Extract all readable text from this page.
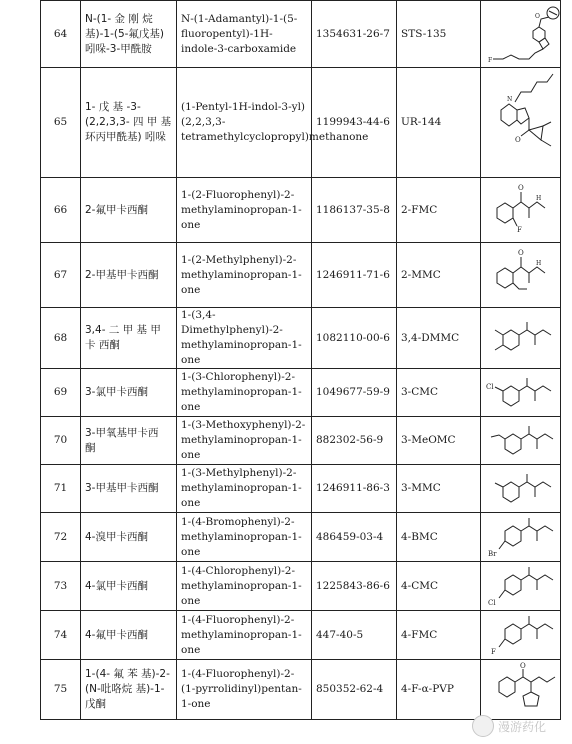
64	N-(1- 金 刚 烷 基)-1-(5-氟戊基) 吲哚-3-甲酰胺	N-(1-Adamantyl)-1-(5-fluoropentyl)-1H-indole-3-carboxamide	1354631-26-7	STS-135	F
O

65	1- 戊 基 -3-(2,2,3,3- 四 甲 基环丙甲酰基) 吲哚	(1-Pentyl-1H-indol-3-yl)(2,2,3,3-tetramethylcyclopropyl)methanone	1199943-44-6	UR-144	O
N

66	2-氟甲卡西酮	1-(2-Fluorophenyl)-2-methylaminopropan-1-one	1186137-35-8	2-FMC	O
F
H

67	2-甲基甲卡西酮	1-(2-Methylphenyl)-2-methylaminopropan-1-one	1246911-71-6	2-MMC	O
H

68	3,4- 二 甲 基 甲 卡 西酮	1-(3,4-Dimethylphenyl)-2-methylaminopropan-1-one	1082110-00-6	3,4-DMMC	

69	3-氯甲卡西酮	1-(3-Chlorophenyl)-2-methylaminopropan-1-one	1049677-59-9	3-CMC	Cl

70	3-甲氧基甲卡西 酮	1-(3-Methoxyphenyl)-2-methylaminopropan-1-one	882302-56-9	3-MeOMC	

71	3-甲基甲卡西酮	1-(3-Methylphenyl)-2-methylaminopropan-1-one	1246911-86-3	3-MMC	

72	4-溴甲卡西酮	1-(4-Bromophenyl)-2-methylaminopropan-1-one	486459-03-4	4-BMC	Br

73	4-氯甲卡西酮	1-(4-Chlorophenyl)-2-methylaminopropan-1-one	1225843-86-6	4-CMC	Cl

74	4-氟甲卡西酮	1-(4-Fluorophenyl)-2-methylaminopropan-1-one	447-40-5	4-FMC	F

75	1-(4- 氟 苯 基)-2-(N-吡咯烷 基)-1-戊酮	1-(4-Fluorophenyl)-2-(1-pyrrolidinyl)pentan-1-one	850352-62-4	4-F-α-PVP	O
漫游药化
